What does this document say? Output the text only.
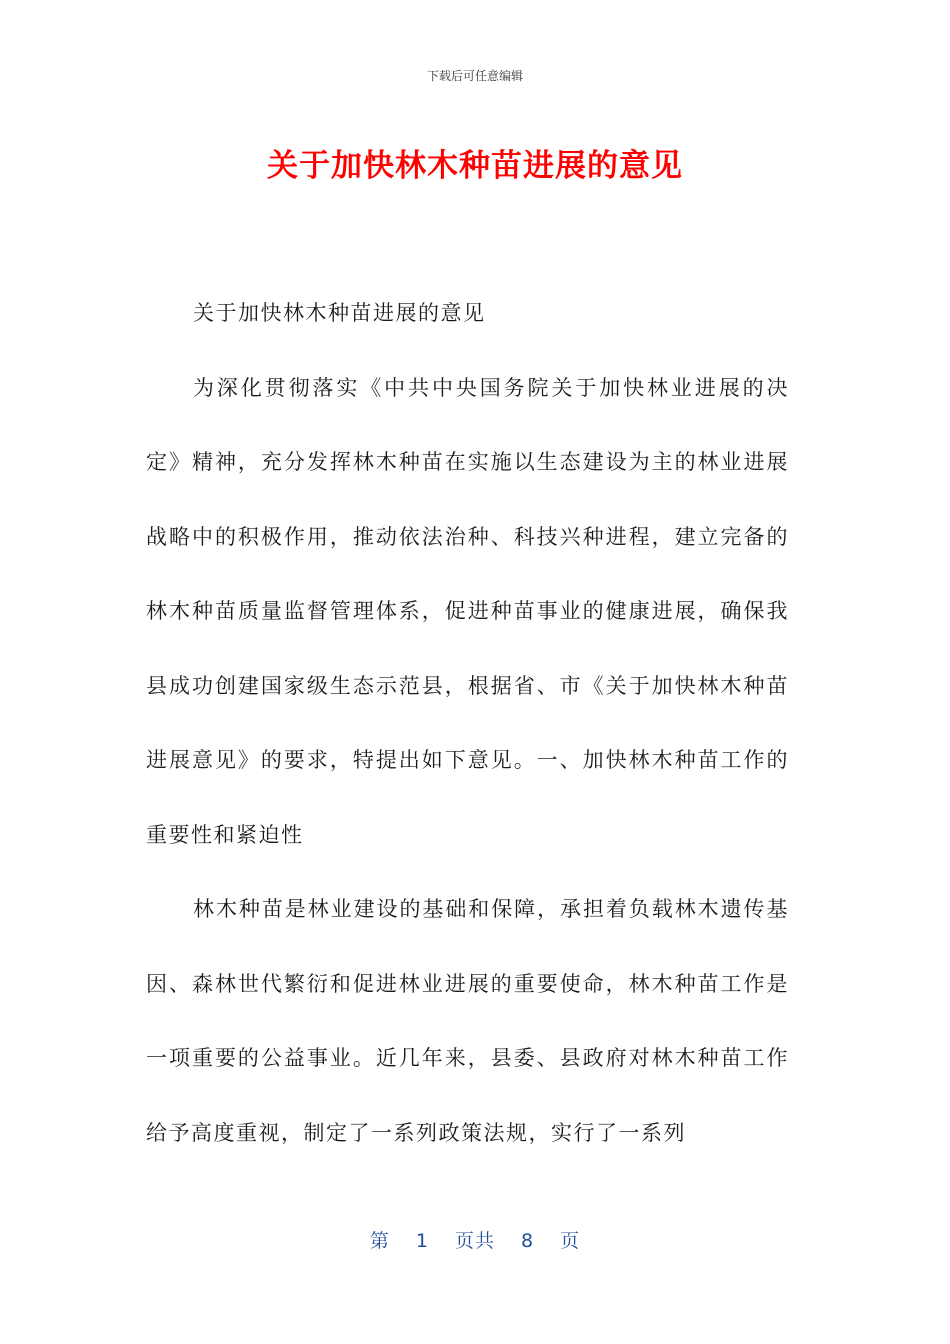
下载后可任意编辑
关于加快林木种苗进展的意见

关于加快林木种苗进展的意见

为深化贯彻落实《中共中央国务院关于加快林业进展的决定》精神，充分发挥林木种苗在实施以生态建设为主的林业进展战略中的积极作用，推动依法治种、科技兴种进程，建立完备的林木种苗质量监督管理体系，促进种苗事业的健康进展，确保我县成功创建国家级生态示范县，根据省、市《关于加快林木种苗进展意见》的要求，特提出如下意见。一、加快林木种苗工作的重要性和紧迫性

林木种苗是林业建设的基础和保障，承担着负载林木遗传基因、森林世代繁衍和促进林业进展的重要使命，林木种苗工作是一项重要的公益事业。近几年来，县委、县政府对林木种苗工作给予高度重视，制定了一系列政策法规，实行了一系列

第 1 页共 8 页
